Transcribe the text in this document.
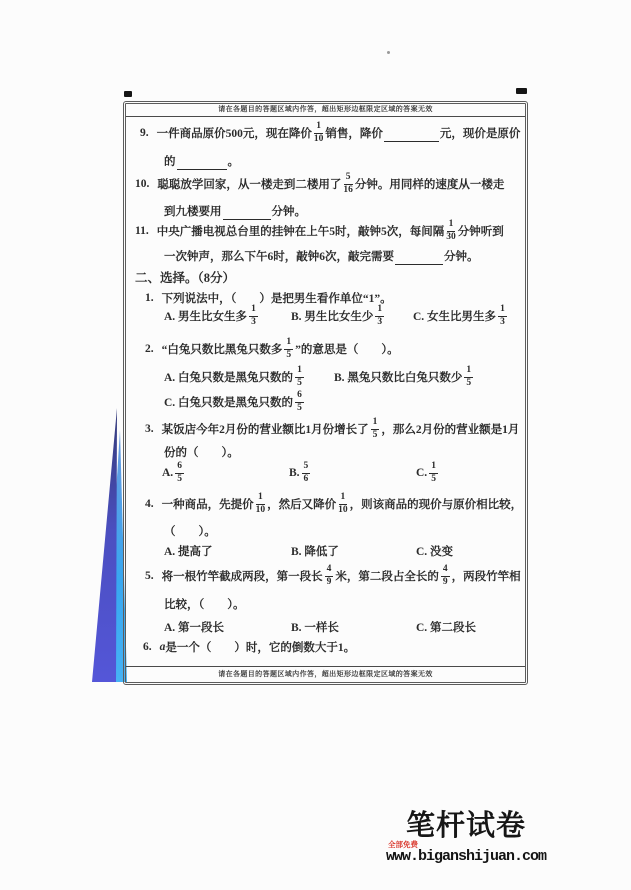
请在各题目的答题区域内作答，超出矩形边框限定区域的答案无效
9. 一件商品原价500元，现在降价 $\frac{1}{10}$ 销售，降价	元，现价是原价
的	。
10. 聪聪放学回家，从一楼走到二楼用了 $\frac{5}{16}$ 分钟。用同样的速度从一楼走
到九楼要用	分钟。
11. 中央广播电视总台里的挂钟在上午5时，敲钟5次，每间隔 $\frac{1}{30}$ 分钟听到
一次钟声，那么下午6时，敲钟6次，敲完需要	分钟。
二、选择。（8分）
1. 下列说法中，（　　）是把男生看作单位“1”。
A. 男生比女生多 $\frac{1}{3}$	B. 男生比女生少 $\frac{1}{3}$	C. 女生比男生多 $\frac{1}{3}$
2. “白兔只数比黑兔只数多 $\frac{1}{5}$ ”的意思是（　　）。
A. 白兔只数是黑兔只数的 $\frac{1}{5}$	B. 黑兔只数比白兔只数少 $\frac{1}{5}$
C. 白兔只数是黑兔只数的 $\frac{6}{5}$
3. 某饭店今年2月份的营业额比1月份增长了 $\frac{1}{5}$ ，那么2月份的营业额是1月
份的（　　）。
A. $\frac{6}{5}$	B. $\frac{5}{6}$	C. $\frac{1}{5}$
4. 一种商品，先提价 $\frac{1}{10}$ ，然后又降价 $\frac{1}{10}$ ，则该商品的现价与原价相比较，
（　　）。
A. 提高了	B. 降低了	C. 没变
5. 将一根竹竿截成两段，第一段长 $\frac{4}{9}$ 米，第二段占全长的 $\frac{4}{9}$ ，两段竹竿相
比较，（　　）。
A. 第一段长	B. 一样长	C. 第二段长
6. a 是一个（　　）时，它的倒数大于1。
请在各题目的答题区域内作答，超出矩形边框限定区域的答案无效
笔杆试卷
全部免费
www.biganshijuan.com
